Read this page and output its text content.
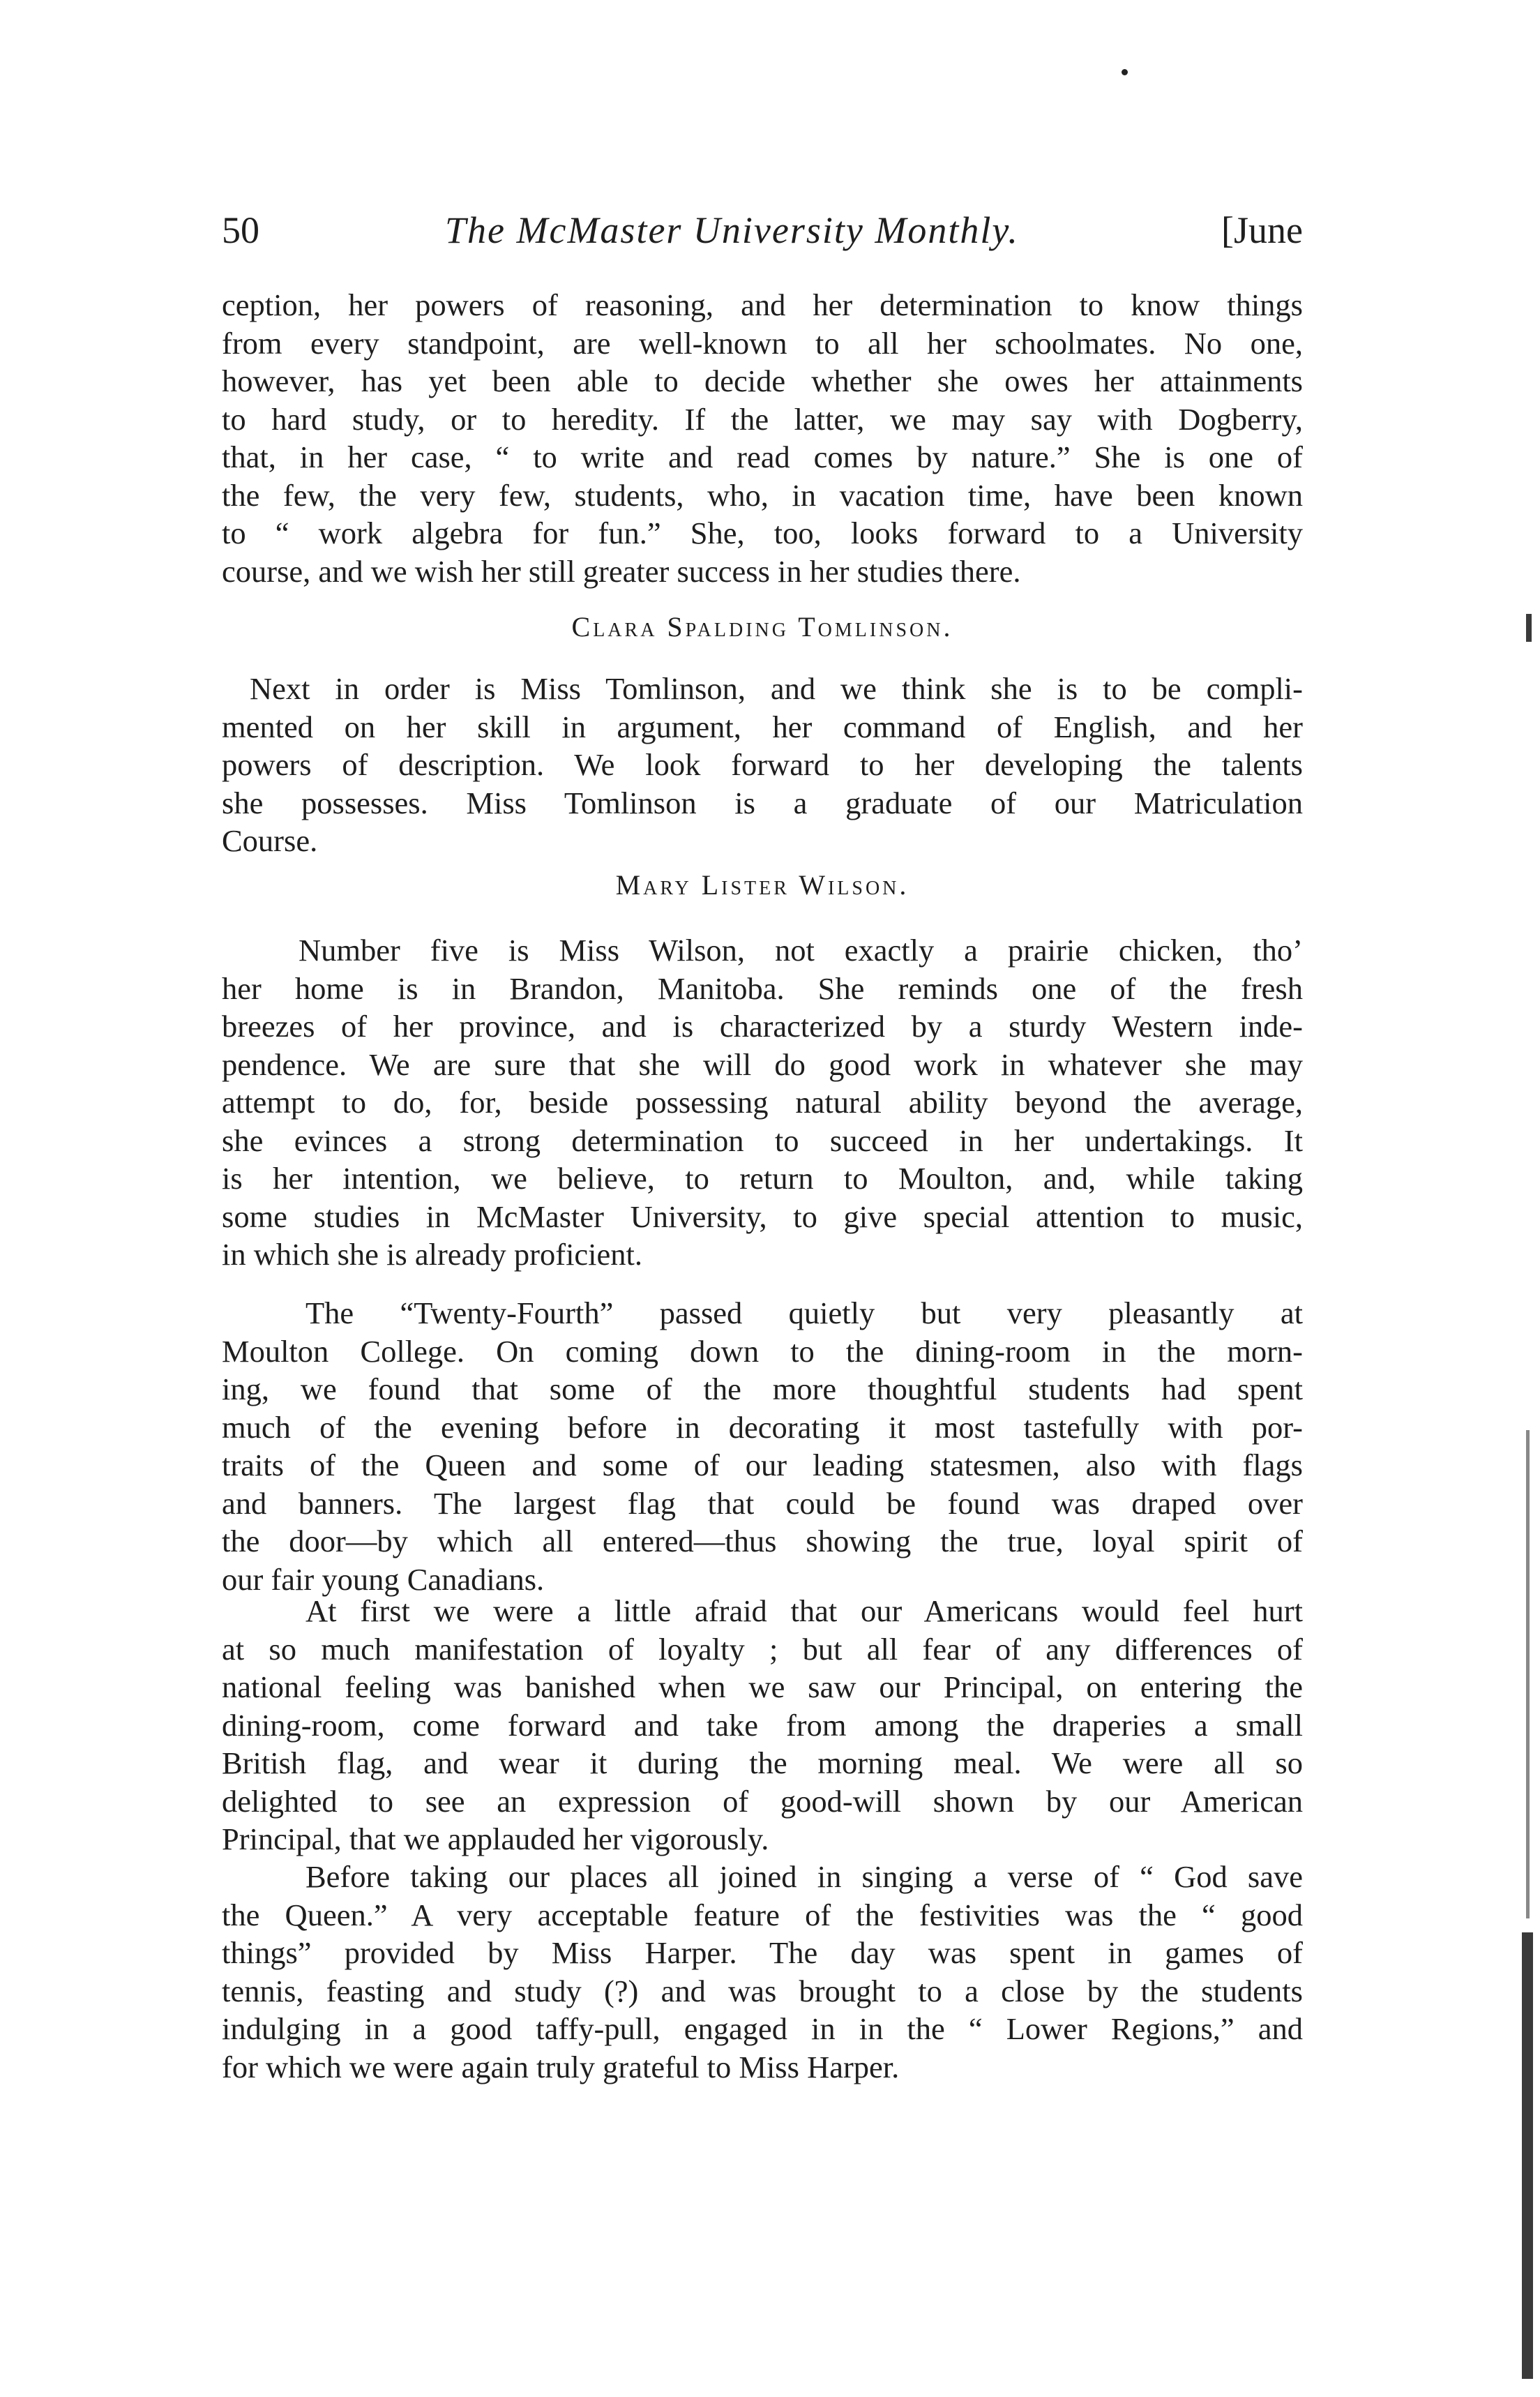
50	The McMaster University Monthly.	[June
ception, her powers of reasoning, and her determination to know things
from every standpoint, are well-known to all her schoolmates. No one,
however, has yet been able to decide whether she owes her attainments
to hard study, or to heredity. If the latter, we may say with Dogberry,
that, in her case, “ to write and read comes by nature.” She is one of
the few, the very few, students, who, in vacation time, have been known
to “ work algebra for fun.” She, too, looks forward to a University
course, and we wish her still greater success in her studies there.
Clara Spalding Tomlinson.
Next in order is Miss Tomlinson, and we think she is to be compli-
mented on her skill in argument, her command of English, and her
powers of description. We look forward to her developing the talents
she possesses. Miss Tomlinson is a graduate of our Matriculation
Course.
Mary Lister Wilson.
Number five is Miss Wilson, not exactly a prairie chicken, tho’
her home is in Brandon, Manitoba. She reminds one of the fresh
breezes of her province, and is characterized by a sturdy Western inde-
pendence. We are sure that she will do good work in whatever she may
attempt to do, for, beside possessing natural ability beyond the average,
she evinces a strong determination to succeed in her undertakings. It
is her intention, we believe, to return to Moulton, and, while taking
some studies in McMaster University, to give special attention to music,
in which she is already proficient.
The “Twenty-Fourth” passed quietly but very pleasantly at
Moulton College. On coming down to the dining-room in the morn-
ing, we found that some of the more thoughtful students had spent
much of the evening before in decorating it most tastefully with por-
traits of the Queen and some of our leading statesmen, also with flags
and banners. The largest flag that could be found was draped over
the door—by which all entered—thus showing the true, loyal spirit of
our fair young Canadians.
At first we were a little afraid that our Americans would feel hurt
at so much manifestation of loyalty ; but all fear of any differences of
national feeling was banished when we saw our Principal, on entering the
dining-room, come forward and take from among the draperies a small
British flag, and wear it during the morning meal. We were all so
delighted to see an expression of good-will shown by our American
Principal, that we applauded her vigorously.
Before taking our places all joined in singing a verse of “ God save
the Queen.” A very acceptable feature of the festivities was the “ good
things” provided by Miss Harper. The day was spent in games of
tennis, feasting and study (?) and was brought to a close by the students
indulging in a good taffy-pull, engaged in in the “ Lower Regions,” and
for which we were again truly grateful to Miss Harper.
